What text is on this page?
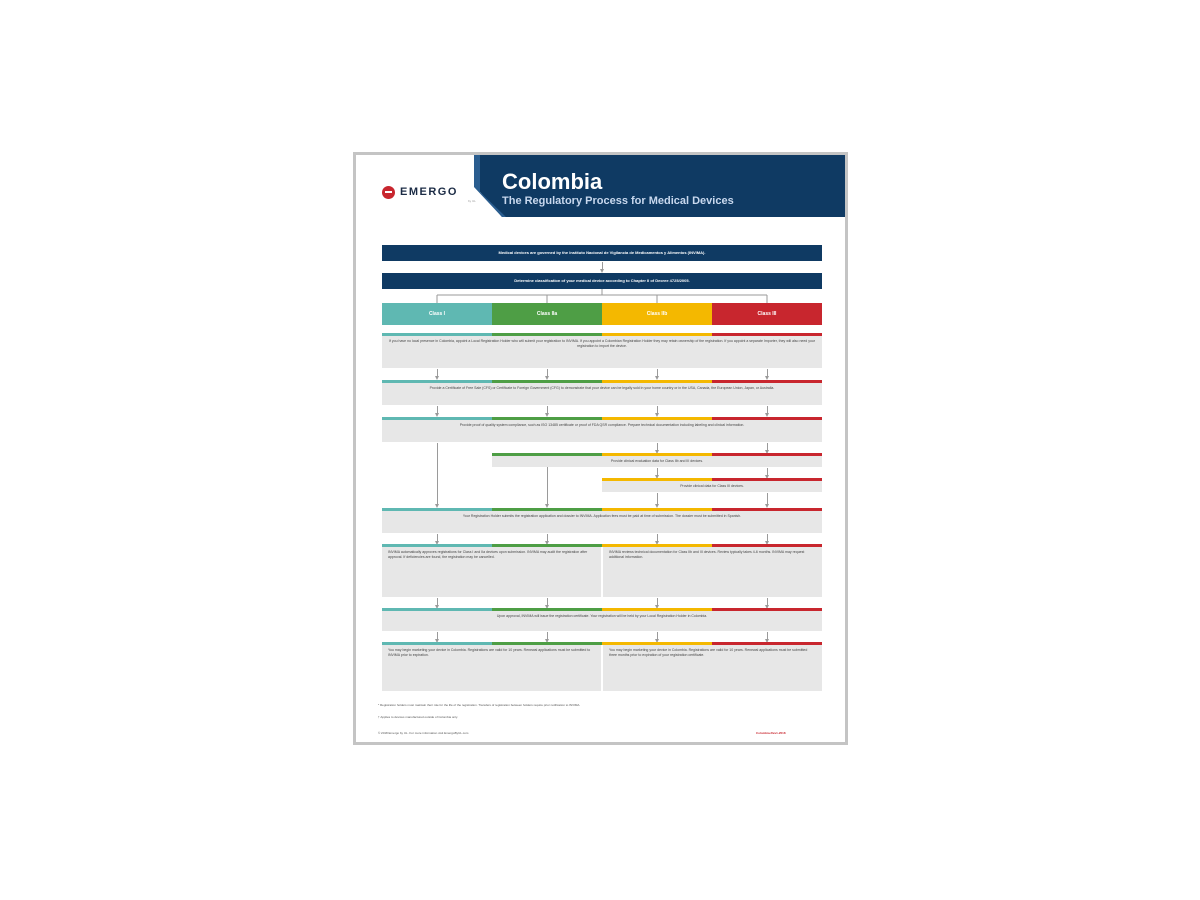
EMERGO
by UL
Colombia
The Regulatory Process for Medical Devices
Medical devices are governed by the Instituto Nacional de Vigilancia de Medicamentos y Alimentos (INVIMA).
Determine classification of your medical device according to Chapter II of Decree 4725/2005.
Class I	Class IIa	Class IIb	Class III
If you have no local presence in Colombia, appoint a Local Registration Holder who will submit your registration to INVIMA. If you appoint a Colombian Registration Holder they may retain ownership of the registration. If you appoint a separate Importer, they will also need your registration to import the device.
Provide a Certificate of Free Sale (CFS) or Certificate to Foreign Government (CFG) to demonstrate that your device can be legally sold in your home country or in the USA, Canada, the European Union, Japan, or Australia.
Provide proof of quality system compliance, such as ISO 13485 certificate or proof of FDA QSR compliance. Prepare technical documentation including labeling and clinical information.
Provide clinical evaluation data for Class IIb and III devices.
Provide clinical data for Class III devices.
Your Registration Holder submits the registration application and dossier to INVIMA. Application fees must be paid at time of submission. The dossier must be submitted in Spanish.
INVIMA automatically approves registrations for Class I and IIa devices upon submission. INVIMA may audit the registration after approval. If deficiencies are found, the registration may be cancelled.
INVIMA reviews technical documentation for Class IIb and III devices. Review typically takes 4-6 months. INVIMA may request additional information.
Upon approval, INVIMA will issue the registration certificate. Your registration will be held by your Local Registration Holder in Colombia.
You may begin marketing your device in Colombia. Registrations are valid for 10 years. Renewal applications must be submitted to INVIMA prior to expiration.
You may begin marketing your device in Colombia. Registrations are valid for 10 years. Renewal applications must be submitted three months prior to expiration of your registration certificate.
* Registration holders must maintain their role for the life of the registration. Transfers of registration between holders require prior notification to INVIMA.
† Applies to devices manufactured outside of Colombia only.
© 2018 Emergo by UL. For more information visit EmergoByUL.com	Colombia-Rev1-2018
